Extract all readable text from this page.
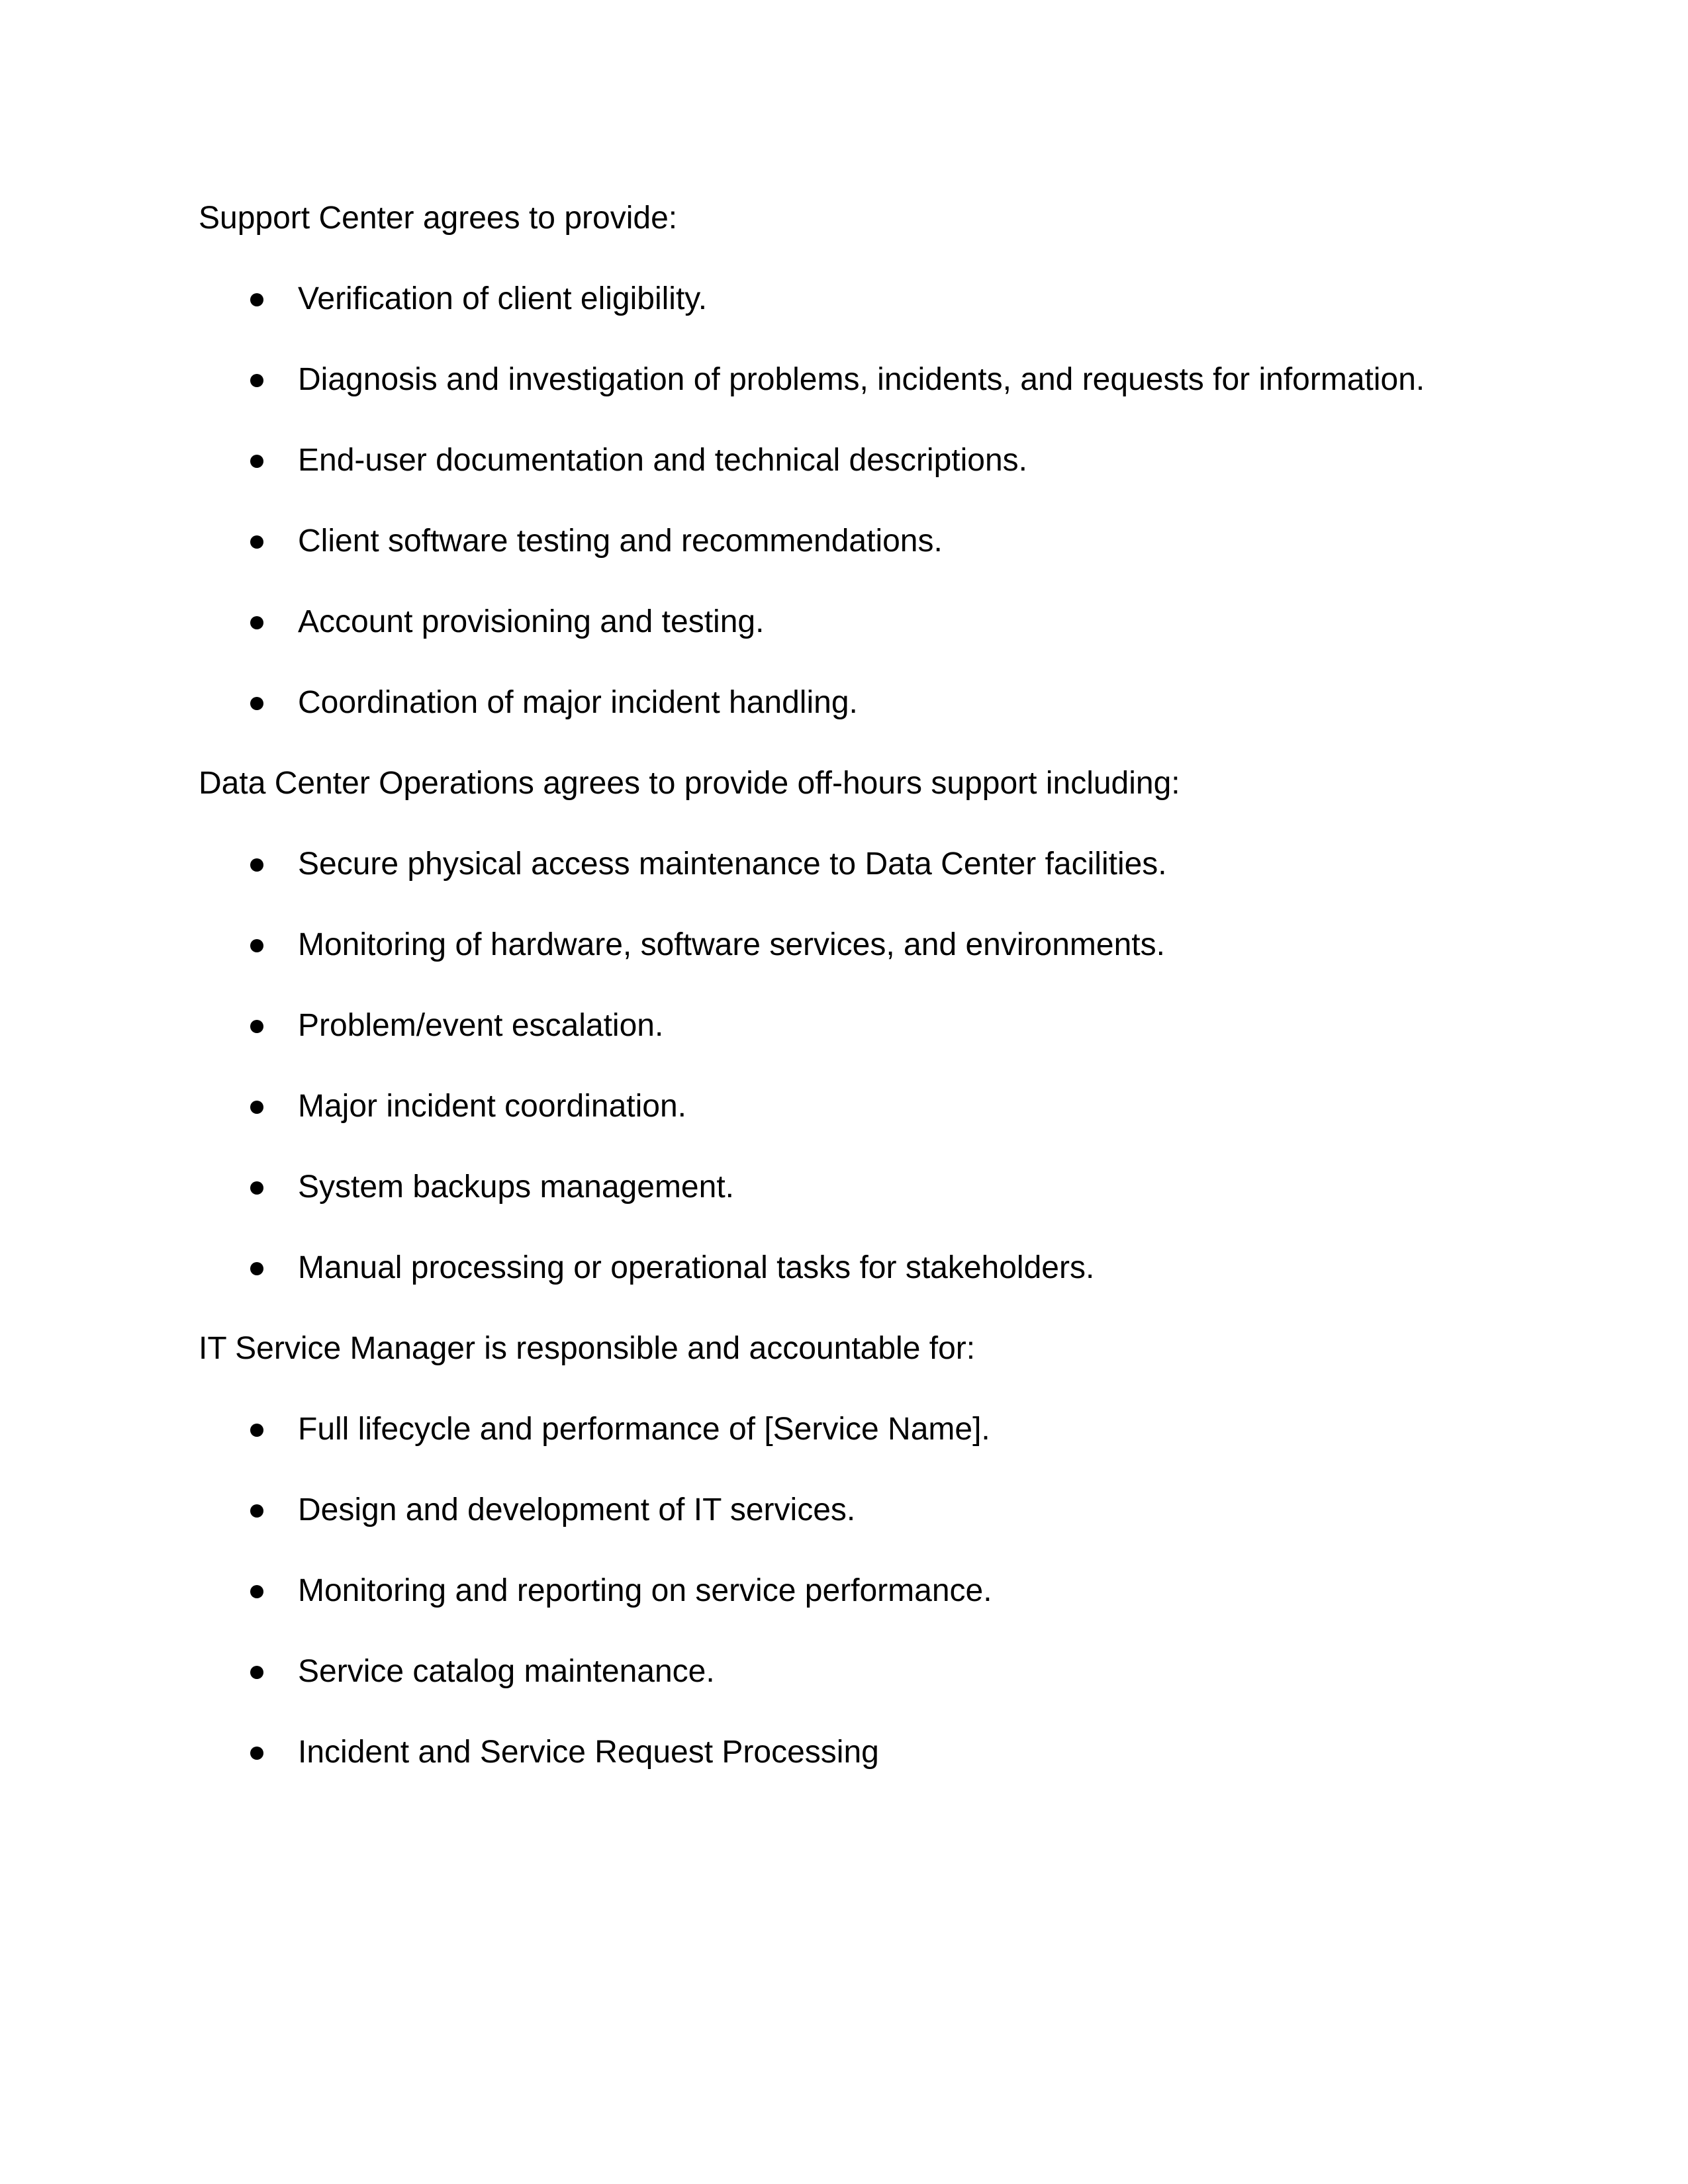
Support Center agrees to provide:
Verification of client eligibility.
Diagnosis and investigation of problems, incidents, and requests for information.
End-user documentation and technical descriptions.
Client software testing and recommendations.
Account provisioning and testing.
Coordination of major incident handling.
Data Center Operations agrees to provide off-hours support including:
Secure physical access maintenance to Data Center facilities.
Monitoring of hardware, software services, and environments.
Problem/event escalation.
Major incident coordination.
System backups management.
Manual processing or operational tasks for stakeholders.
IT Service Manager is responsible and accountable for:
Full lifecycle and performance of [Service Name].
Design and development of IT services.
Monitoring and reporting on service performance.
Service catalog maintenance.
Incident and Service Request Processing
